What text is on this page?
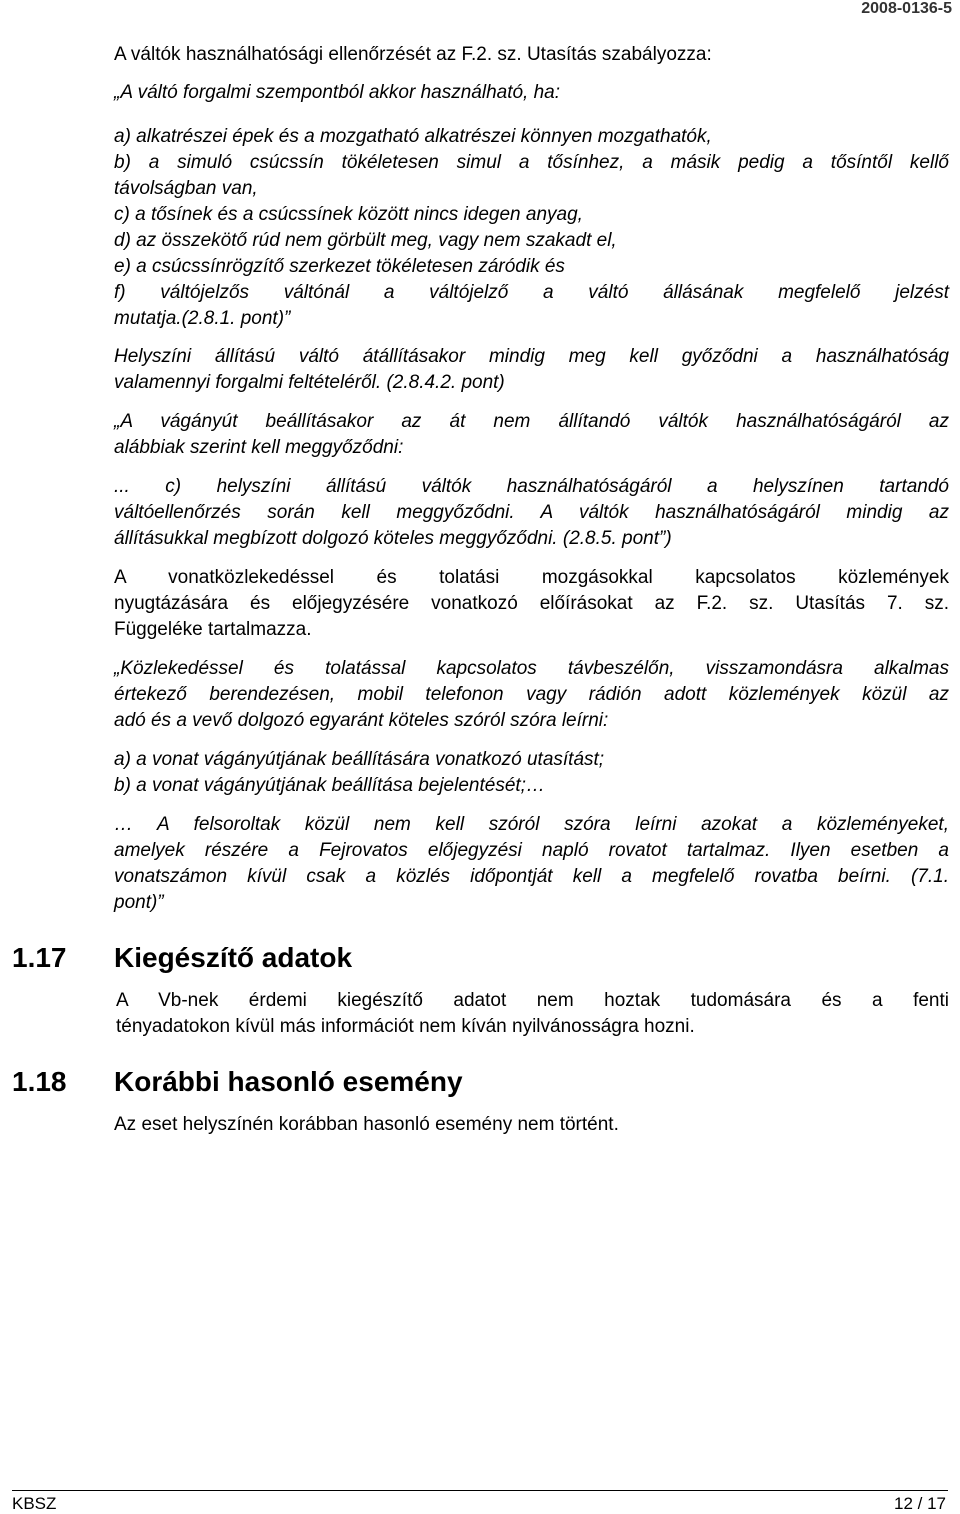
2008-0136-5

A váltók használhatósági ellenőrzését az F.2. sz. Utasítás szabályozza:

„A váltó forgalmi szempontból akkor használható, ha:
a) alkatrészei épek és a mozgatható alkatrészei könnyen mozgathatók,
b) a simuló csúcssín tökéletesen simul a tősínhez, a másik pedig a tősíntől kellő
távolságban van,
c) a tősínek és a csúcssínek között nincs idegen anyag,
d) az összekötő rúd nem görbült meg, vagy nem szakadt el,
e) a csúcssínrögzítő szerkezet tökéletesen záródik és
f) váltójelzős váltónál a váltójelző a váltó állásának megfelelő jelzést
mutatja.(2.8.1. pont)”
Helyszíni állítású váltó átállításakor mindig meg kell győződni a használhatóság
valamennyi forgalmi feltételéről. (2.8.4.2. pont)
„A vágányút beállításakor az át nem állítandó váltók használhatóságáról az
alábbiak szerint kell meggyőződni:
... c) helyszíni állítású váltók használhatóságáról a helyszínen tartandó
váltóellenőrzés során kell meggyőződni. A váltók használhatóságáról mindig az
állításukkal megbízott dolgozó köteles meggyőződni. (2.8.5. pont”)
A vonatközlekedéssel és tolatási mozgásokkal kapcsolatos közlemények
nyugtázására és előjegyzésére vonatkozó előírásokat az F.2. sz. Utasítás 7. sz.
Függeléke tartalmazza.
„Közlekedéssel és tolatással kapcsolatos távbeszélőn, visszamondásra alkalmas
értekező berendezésen, mobil telefonon vagy rádión adott közlemények közül az
adó és a vevő dolgozó egyaránt köteles szóról szóra leírni:
a) a vonat vágányútjának beállítására vonatkozó utasítást;
b) a vonat vágányútjának beállítása bejelentését;…
… A felsoroltak közül nem kell szóról szóra leírni azokat a közleményeket,
amelyek részére a Fejrovatos előjegyzési napló rovatot tartalmaz. Ilyen esetben a
vonatszámon kívül csak a közlés időpontját kell a megfelelő rovatba beírni. (7.1.
pont)”
1.17 Kiegészítő adatok
A Vb-nek érdemi kiegészítő adatot nem hoztak tudomására és a fenti
tényadatokon kívül más információt nem kíván nyilvánosságra hozni.
1.18 Korábbi hasonló esemény

Az eset helyszínén korábban hasonló esemény nem történt.

KBSZ	12 / 17
